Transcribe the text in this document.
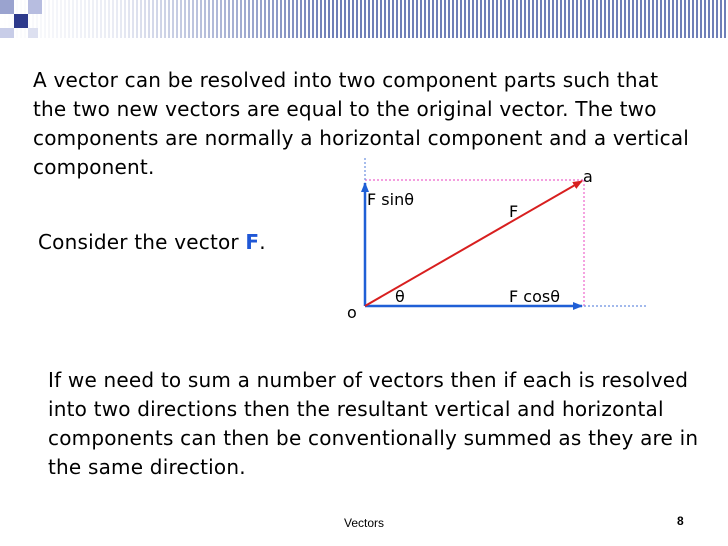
A vector can be resolved into two component parts such that the two new vectors are equal to the original vector. The two components are normally a horizontal component and a vertical component.
Consider the vector F.
o
a
F
F sinθ
F cosθ
θ
If we need to sum a number of vectors then if each is resolved into two directions then the resultant vertical and horizontal components can then be conventionally summed as they are in the same direction.
Vectors	8
